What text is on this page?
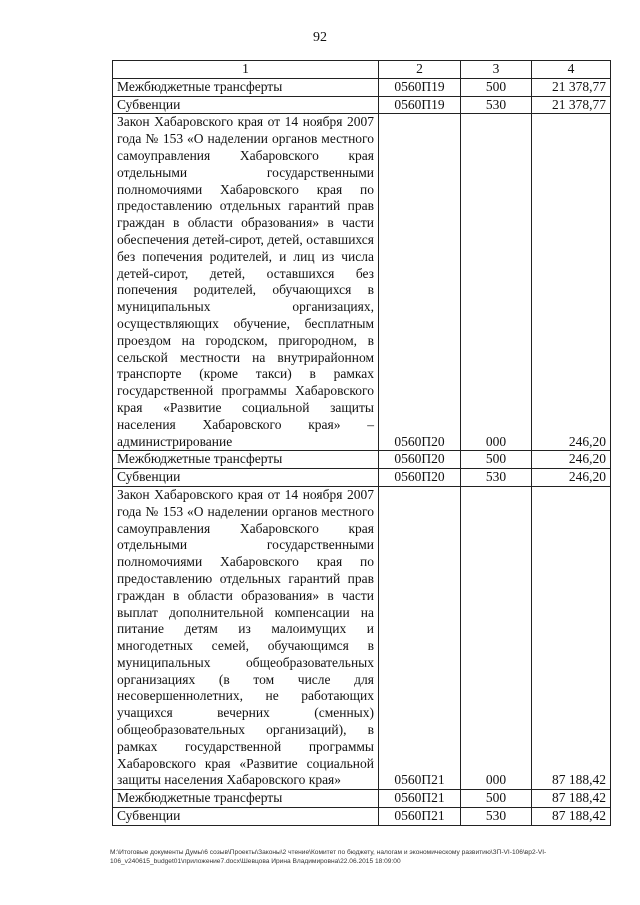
92
1	2	3	4
Межбюджетные трансферты	0560П19	500	21 378,77
Субвенции	0560П19	530	21 378,77
Закон Хабаровского края от 14 ноября 2007 года № 153 «О наделении органов местного самоуправления Хабаровского края отдельными государственными полномочиями Хабаровского края по предоставлению отдельных гарантий прав граждан в области образования» в части обеспечения детей-сирот, детей, оставшихся без попечения родителей, и лиц из числа детей-сирот, детей, оставшихся без попечения родителей, обучающихся в муниципальных организациях, осуществляющих обучение, бесплатным проездом на городском, пригородном, в сельской местности на внутрирайонном транспорте (кроме такси) в рамках государственной программы Хабаровского края «Развитие социальной защиты населения Хабаровского края» – администрирование	0560П20	000	246,20
Межбюджетные трансферты	0560П20	500	246,20
Субвенции	0560П20	530	246,20
Закон Хабаровского края от 14 ноября 2007 года № 153 «О наделении органов местного самоуправления Хабаровского края отдельными государственными полномочиями Хабаровского края по предоставлению отдельных гарантий прав граждан в области образования» в части выплат дополнительной компенсации на питание детям из малоимущих и многодетных семей, обучающимся в муниципальных общеобразовательных организациях (в том числе для несовершеннолетних, не работающих учащихся вечерних (сменных) общеобразовательных организаций), в рамках государственной программы Хабаровского края «Развитие социальной защиты населения Хабаровского края»	0560П21	000	87 188,42
Межбюджетные трансферты	0560П21	500	87 188,42
Субвенции	0560П21	530	87 188,42
M:\Итоговые документы Думы\6 созыв\Проекты\Законы\2 чтение\Комитет по бюджету, налогам и экономическому развитию\ЗП-VI-106\вр2-VI-106_v240615_budget01\приложение7.docx\Шевцова Ирина Владимировна\22.06.2015 18:09:00
